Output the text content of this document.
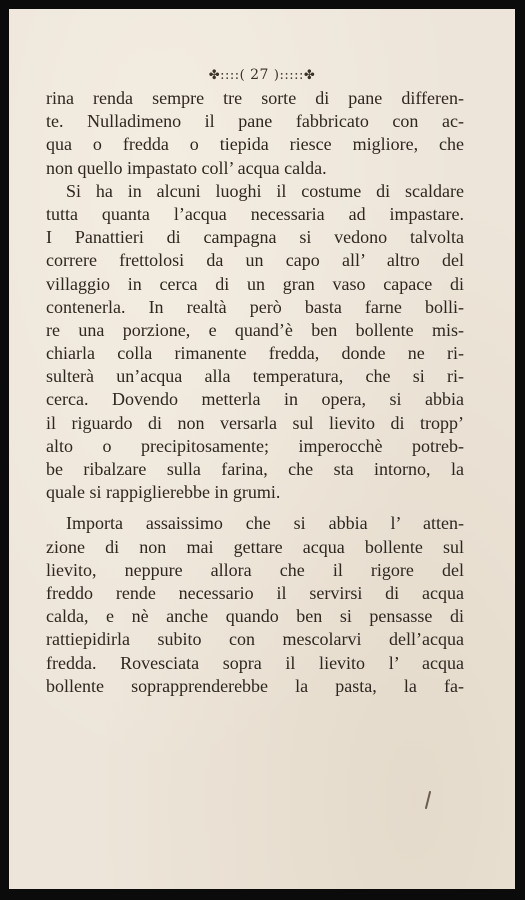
✤::::( 27 ):::::✤
rina renda sempre tre sorte di pane differen-
te. Nulladimeno il pane fabbricato con ac-
qua o fredda o tiepida riesce migliore, che
non quello impastato coll’ acqua calda.
Si ha in alcuni luoghi il costume di scaldare
tutta quanta l’acqua necessaria ad impastare.
I Panattieri di campagna si vedono talvolta
correre frettolosi da un capo all’ altro del
villaggio in cerca di un gran vaso capace di
contenerla. In realtà però basta farne bolli-
re una porzione, e quand’è ben bollente mis-
chiarla colla rimanente fredda, donde ne ri-
sulterà un’acqua alla temperatura, che si ri-
cerca. Dovendo metterla in opera, si abbia
il riguardo di non versarla sul lievito di tropp’
alto o precipitosamente; imperocchè potreb-
be ribalzare sulla farina, che sta intorno, la
quale si rappiglierebbe in grumi.
Importa assaissimo che si abbia l’ atten-
zione di non mai gettare acqua bollente sul
lievito, neppure allora che il rigore del
freddo rende necessario il servirsi di acqua
calda, e nè anche quando ben si pensasse di
rattiepidirla subito con mescolarvi dell’acqua
fredda. Rovesciata sopra il lievito l’ acqua
bollente soprapprenderebbe la pasta, la fa-
